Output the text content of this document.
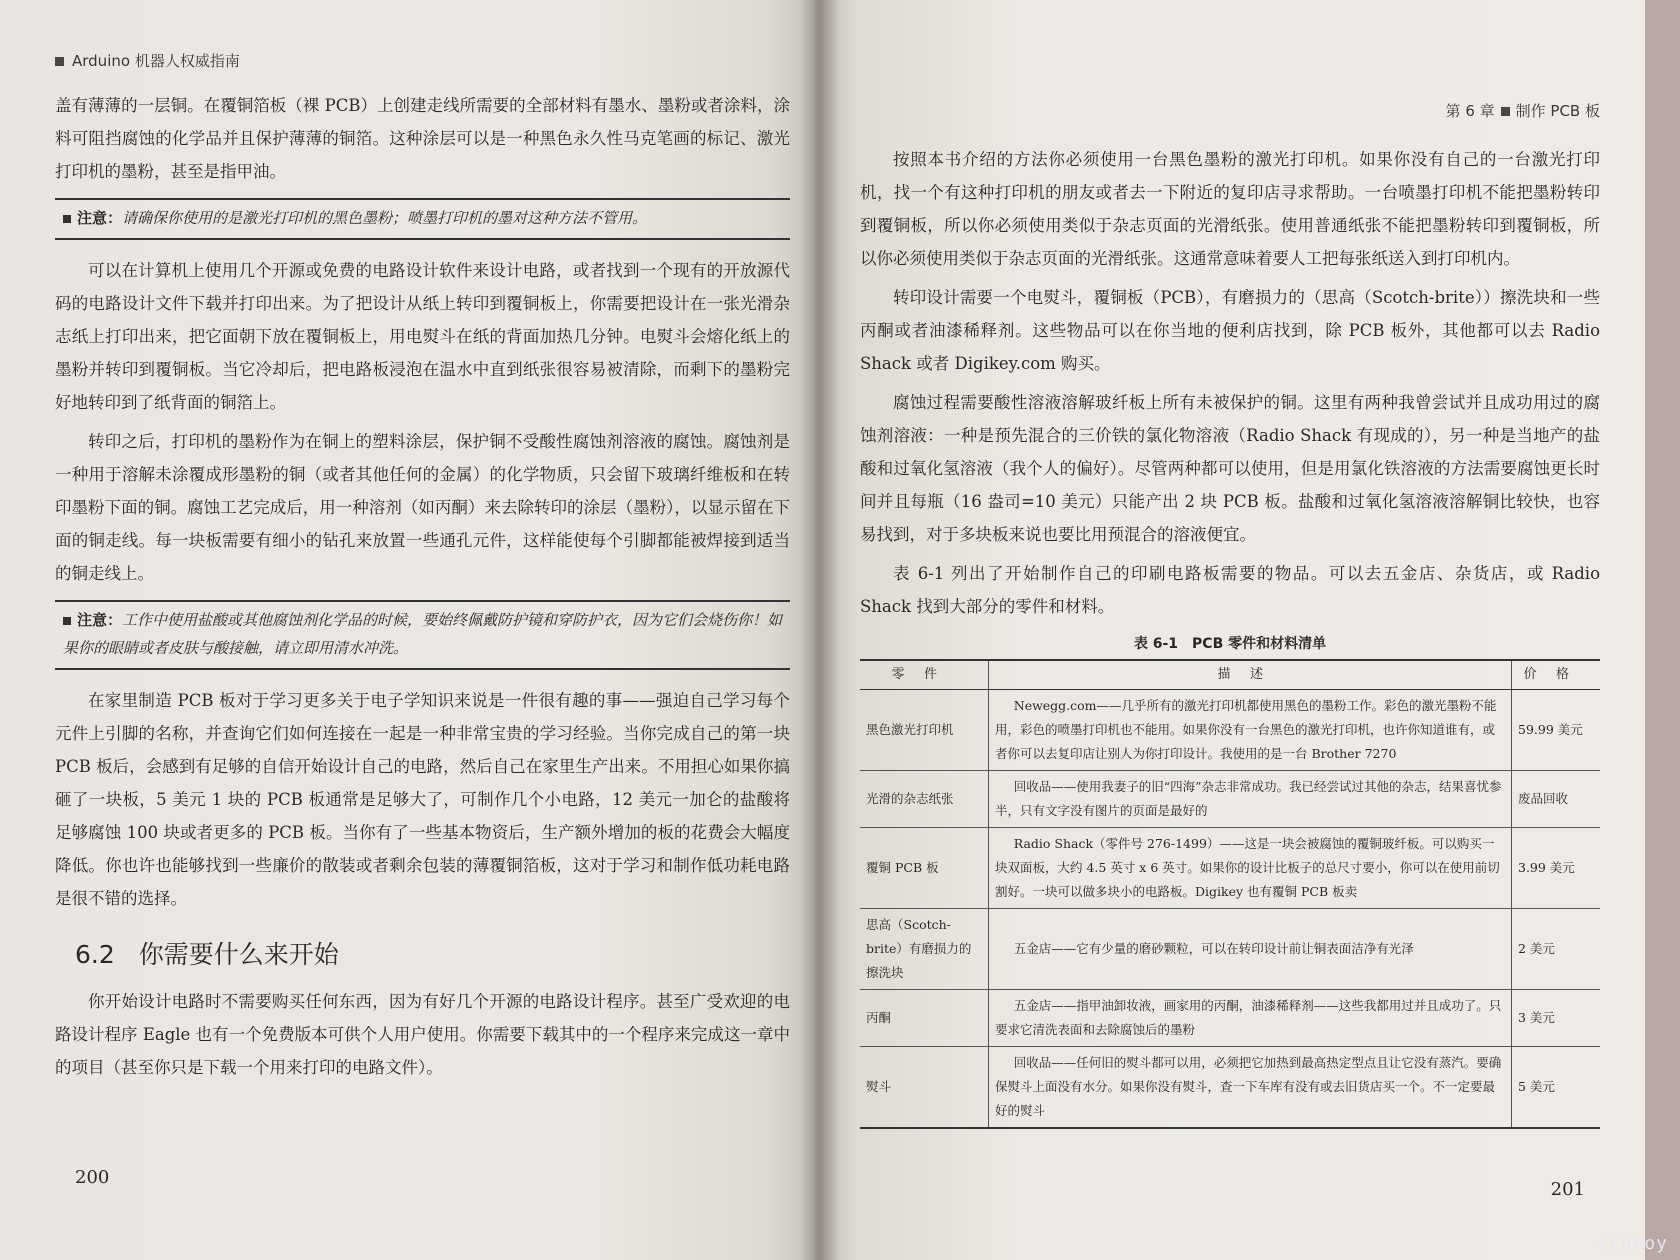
Arduino 机器人权威指南

盖有薄薄的一层铜。在覆铜箔板（裸 PCB）上创建走线所需要的全部材料有墨水、墨粉或者涂料，涂料可阻挡腐蚀的化学品并且保护薄薄的铜箔。这种涂层可以是一种黑色永久性马克笔画的标记、激光打印机的墨粉，甚至是指甲油。

注意：请确保你使用的是激光打印机的黑色墨粉；喷墨打印机的墨对这种方法不管用。

可以在计算机上使用几个开源或免费的电路设计软件来设计电路，或者找到一个现有的开放源代码的电路设计文件下载并打印出来。为了把设计从纸上转印到覆铜板上，你需要把设计在一张光滑杂志纸上打印出来，把它面朝下放在覆铜板上，用电熨斗在纸的背面加热几分钟。电熨斗会熔化纸上的墨粉并转印到覆铜板。当它冷却后，把电路板浸泡在温水中直到纸张很容易被清除，而剩下的墨粉完好地转印到了纸背面的铜箔上。

转印之后，打印机的墨粉作为在铜上的塑料涂层，保护铜不受酸性腐蚀剂溶液的腐蚀。腐蚀剂是一种用于溶解未涂覆成形墨粉的铜（或者其他任何的金属）的化学物质，只会留下玻璃纤维板和在转印墨粉下面的铜。腐蚀工艺完成后，用一种溶剂（如丙酮）来去除转印的涂层（墨粉），以显示留在下面的铜走线。每一块板需要有细小的钻孔来放置一些通孔元件，这样能使每个引脚都能被焊接到适当的铜走线上。

注意：工作中使用盐酸或其他腐蚀剂化学品的时候，要始终佩戴防护镜和穿防护衣，因为它们会烧伤你！如果你的眼睛或者皮肤与酸接触，请立即用清水冲洗。

在家里制造 PCB 板对于学习更多关于电子学知识来说是一件很有趣的事——强迫自己学习每个元件上引脚的名称，并查询它们如何连接在一起是一种非常宝贵的学习经验。当你完成自己的第一块 PCB 板后，会感到有足够的自信开始设计自己的电路，然后自己在家里生产出来。不用担心如果你搞砸了一块板，5 美元 1 块的 PCB 板通常是足够大了，可制作几个小电路，12 美元一加仑的盐酸将足够腐蚀 100 块或者更多的 PCB 板。当你有了一些基本物资后，生产额外增加的板的花费会大幅度降低。你也许也能够找到一些廉价的散装或者剩余包装的薄覆铜箔板，这对于学习和制作低功耗电路是很不错的选择。

6.2 你需要什么来开始

你开始设计电路时不需要购买任何东西，因为有好几个开源的电路设计程序。甚至广受欢迎的电路设计程序 Eagle 也有一个免费版本可供个人用户使用。你需要下载其中的一个程序来完成这一章中的项目（甚至你只是下载一个用来打印的电路文件）。

200
第 6 章 制作 PCB 板

按照本书介绍的方法你必须使用一台黑色墨粉的激光打印机。如果你没有自己的一台激光打印机，找一个有这种打印机的朋友或者去一下附近的复印店寻求帮助。一台喷墨打印机不能把墨粉转印到覆铜板，所以你必须使用类似于杂志页面的光滑纸张。使用普通纸张不能把墨粉转印到覆铜板，所以你必须使用类似于杂志页面的光滑纸张。这通常意味着要人工把每张纸送入到打印机内。

转印设计需要一个电熨斗，覆铜板（PCB），有磨损力的（思高（Scotch-brite））擦洗块和一些丙酮或者油漆稀释剂。这些物品可以在你当地的便利店找到，除 PCB 板外，其他都可以去 Radio Shack 或者 Digikey.com 购买。

腐蚀过程需要酸性溶液溶解玻纤板上所有未被保护的铜。这里有两种我曾尝试并且成功用过的腐蚀剂溶液：一种是预先混合的三价铁的氯化物溶液（Radio Shack 有现成的），另一种是当地产的盐酸和过氧化氢溶液（我个人的偏好）。尽管两种都可以使用，但是用氯化铁溶液的方法需要腐蚀更长时间并且每瓶（16 盎司=10 美元）只能产出 2 块 PCB 板。盐酸和过氧化氢溶液溶解铜比较快，也容易找到，对于多块板来说也要比用预混合的溶液便宜。

表 6-1 列出了开始制作自己的印刷电路板需要的物品。可以去五金店、杂货店，或 Radio Shack 找到大部分的零件和材料。

表 6-1　PCB 零件和材料清单
零件	描述	价格
黑色激光打印机	Newegg.com——几乎所有的激光打印机都使用黑色的墨粉工作。彩色的激光墨粉不能用，彩色的喷墨打印机也不能用。如果你没有一台黑色的激光打印机，也许你知道谁有，或者你可以去复印店让别人为你打印设计。我使用的是一台 Brother 7270	59.99 美元
光滑的杂志纸张	回收品——使用我妻子的旧“四海”杂志非常成功。我已经尝试过其他的杂志，结果喜忧参半，只有文字没有图片的页面是最好的	废品回收
覆铜 PCB 板	Radio Shack（零件号 276-1499）——这是一块会被腐蚀的覆铜玻纤板。可以购买一块双面板，大约 4.5 英寸 x 6 英寸。如果你的设计比板子的总尺寸要小，你可以在使用前切割好。一块可以做多块小的电路板。Digikey 也有覆铜 PCB 板卖	3.99 美元
思高（Scotch-brite）有磨损力的擦洗块	五金店——它有少量的磨砂颗粒，可以在转印设计前让铜表面洁净有光泽	2 美元
丙酮	五金店——指甲油卸妆液，画家用的丙酮，油漆稀释剂——这些我都用过并且成功了。只要求它清洗表面和去除腐蚀后的墨粉	3 美元
熨斗	回收品——任何旧的熨斗都可以用，必须把它加热到最高热定型点且让它没有蒸汽。要确保熨斗上面没有水分。如果你没有熨斗，查一下车库有没有或去旧货店买一个。不一定要最好的熨斗	5 美元
201
cruboy
